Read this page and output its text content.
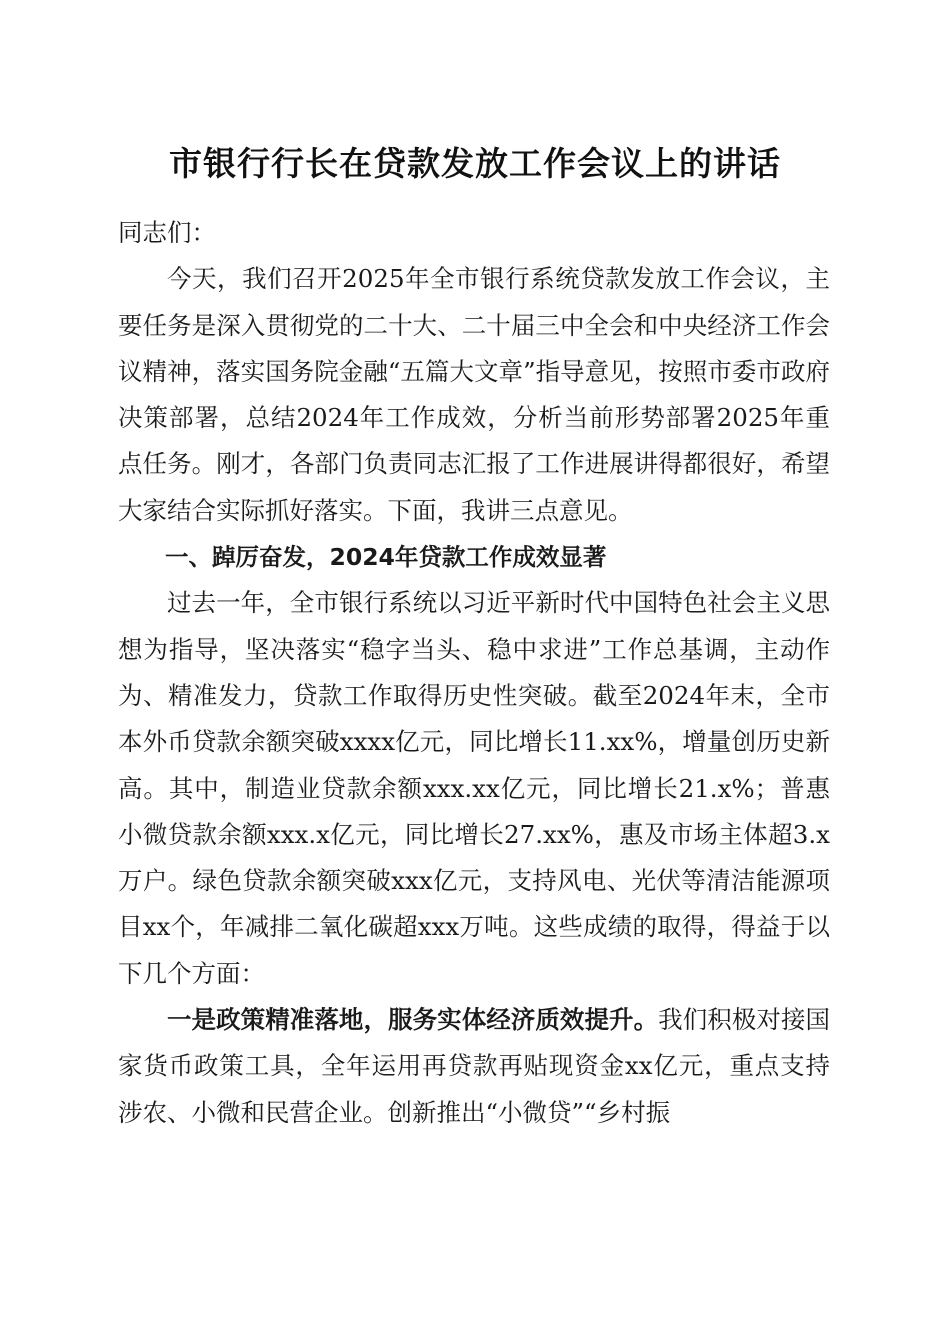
市银行行长在贷款发放工作会议上的讲话

同志们：

今天，我们召开2025年全市银行系统贷款发放工作会议，主要任务是深入贯彻党的二十大、二十届三中全会和中央经济工作会议精神，落实国务院金融“五篇大文章”指导意见，按照市委市政府决策部署，总结2024年工作成效，分析当前形势部署2025年重点任务。刚才，各部门负责同志汇报了工作进展讲得都很好，希望大家结合实际抓好落实。下面，我讲三点意见。

一、踔厉奋发，2024年贷款工作成效显著

过去一年，全市银行系统以习近平新时代中国特色社会主义思想为指导，坚决落实“稳字当头、稳中求进”工作总基调，主动作为、精准发力，贷款工作取得历史性突破。截至2024年末，全市本外币贷款余额突破xxxx亿元，同比增长11.xx%，增量创历史新高。其中，制造业贷款余额xxx.xx亿元，同比增长21.x%；普惠小微贷款余额xxx.x亿元，同比增长27.xx%，惠及市场主体超3.x万户。绿色贷款余额突破xxx亿元，支持风电、光伏等清洁能源项目xx个，年减排二氧化碳超xxx万吨。这些成绩的取得，得益于以下几个方面：

一是政策精准落地，服务实体经济质效提升。我们积极对接国家货币政策工具，全年运用再贷款再贴现资金xx亿元，重点支持涉农、小微和民营企业。创新推出“小微贷”“乡村振
